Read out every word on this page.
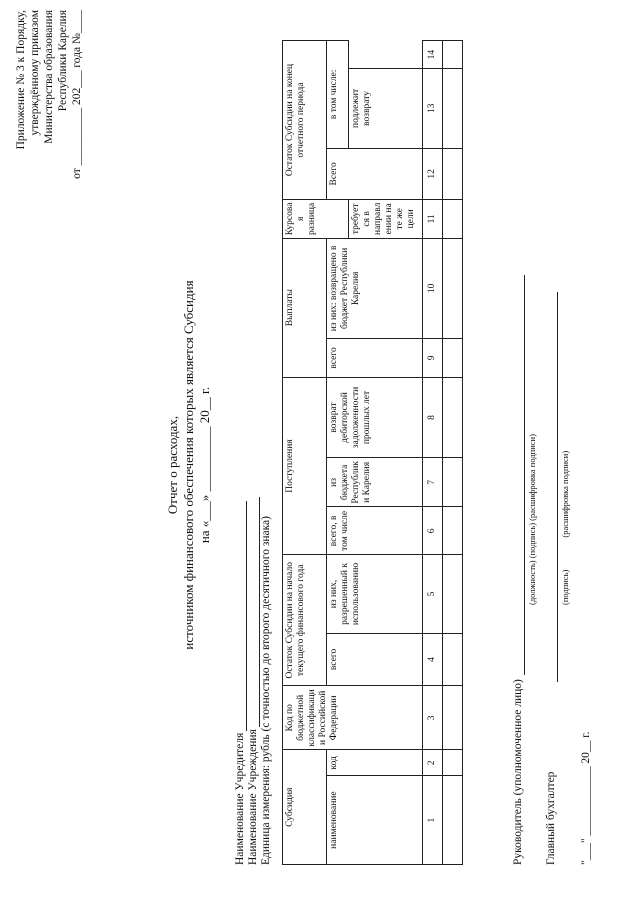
Приложение № 3 к Порядку, утверждённому приказом Министерства образования Республики Карелия от __________ 202___ года №____
Отчет о расходах, источником финансового обеспечения которых является Субсидия на «___» __________ 20__ г.
Наименование Учредителя Наименование Учреждения Единица измерения: рубль (с точностью до второго десятичного знака) Субсидия		Код по бюджетной классификации Российской Федерации	Остаток Субсидии на начало текущего финансового года		Поступления			Выплаты		Курсовая разница	Остаток Субсидии на конец отчетного периода		
наименование	код		всего	из них, разрешенный к использованию	всего, в том числе	из бюджета Республики Карелия	возврат дебиторской задолженности прошлых лет	всего	из них: возвращено в бюджет Республики Карелия		Всего	в том числе:	
										требуется в направлении на те же цели		подлежит возврату	
1	2	3	4	5	6	7	8	9	10	11	12	13	14

Руководитель (уполномоченное лицо)
(должность) (подпись) (расшифровка подписи)
Главный бухгалтер
(подпись) (расшифровка подписи)
"___" ____________ 20__ г.
